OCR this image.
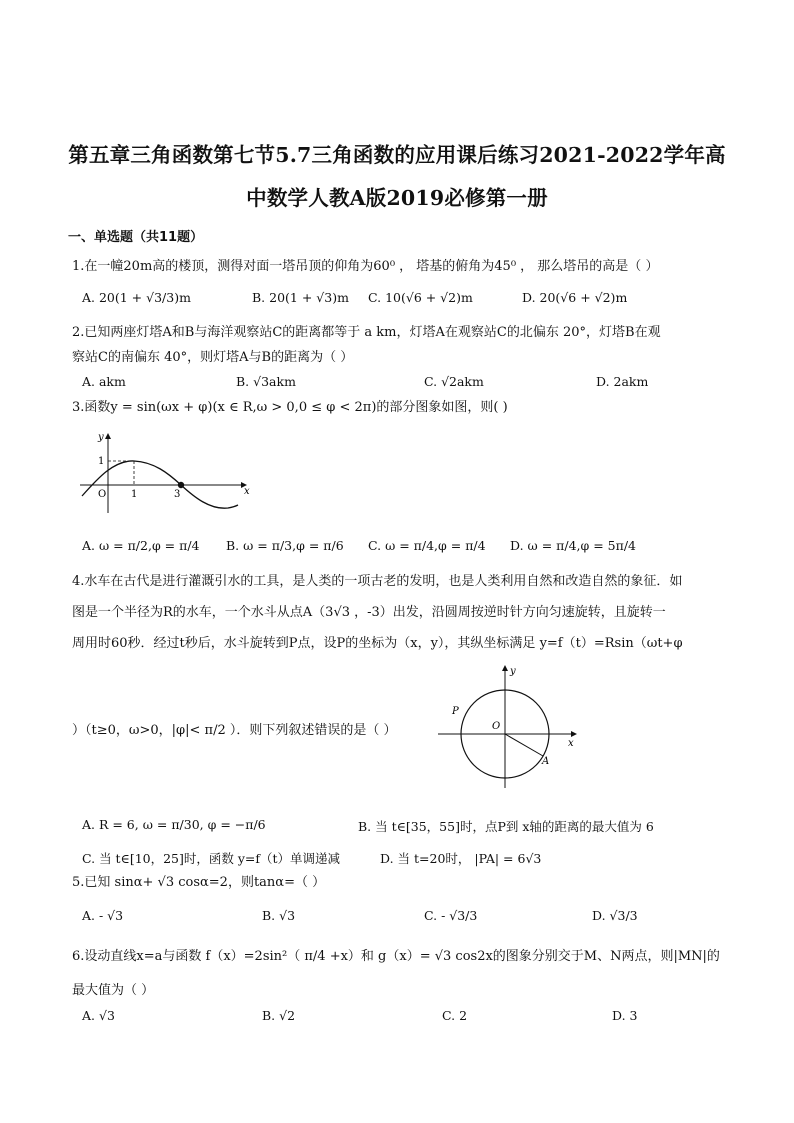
第五章三角函数第七节5.7三角函数的应用课后练习2021-2022学年高
中数学人教A版2019必修第一册
一、单选题（共11题）
1.在一幢20m高的楼顶，测得对面一塔吊顶的仰角为60⁰ ， 塔基的俯角为45⁰ ， 那么塔吊的高是（ ）
A. 20(1 + √3/3)m	B. 20(1 + √3)m C. 10(√6 + √2)m	D. 20(√6 + √2)m
2.已知两座灯塔A和B与海洋观察站C的距离都等于 a km，灯塔A在观察站C的北偏东 20°，灯塔B在观
察站C的南偏东 40°，则灯塔A与B的距离为（ ）
A. akm	B. √3akm	C. √2akm	D. 2akm
3.函数y = sin(ωx + φ)(x ∈ R,ω > 0,0 ≤ φ < 2π)的部分图象如图，则( )
y
x
O 1	3
1
A. ω = π/2,φ = π/4 B. ω = π/3,φ = π/6 C. ω = π/4,φ = π/4 D. ω = π/4,φ = 5π/4
4.水车在古代是进行灌溉引水的工具，是人类的一项古老的发明，也是人类利用自然和改造自然的象征．如
图是一个半径为R的水车，一个水斗从点A（3√3 ，-3）出发，沿圆周按逆时针方向匀速旋转，且旋转一
周用时60秒．经过t秒后，水斗旋转到P点，设P的坐标为（x，y），其纵坐标满足 y=f（t）=Rsin（ωt+φ
）（t≥0，ω>0，|φ|< π/2 ）．则下列叙述错误的是（ ）
y
x
O
P
A
A. R = 6, ω = π/30, φ = −π/6	B. 当 t∈[35，55]时，点P到 x轴的距离的最大值为 6
C. 当 t∈[10，25]时，函数 y=f（t）单调递减	D. 当 t=20时， |PA| = 6√3
5.已知 sinα+ √3 cosα=2，则tanα=（ ）
A. - √3	B. √3	C. - √3/3	D. √3/3
6.设动直线x=a与函数 f（x）=2sin²（ π/4 +x）和 g（x）= √3 cos2x的图象分别交于M、N两点，则|MN|的
最大值为（ ）
A. √3	B. √2	C. 2	D. 3
